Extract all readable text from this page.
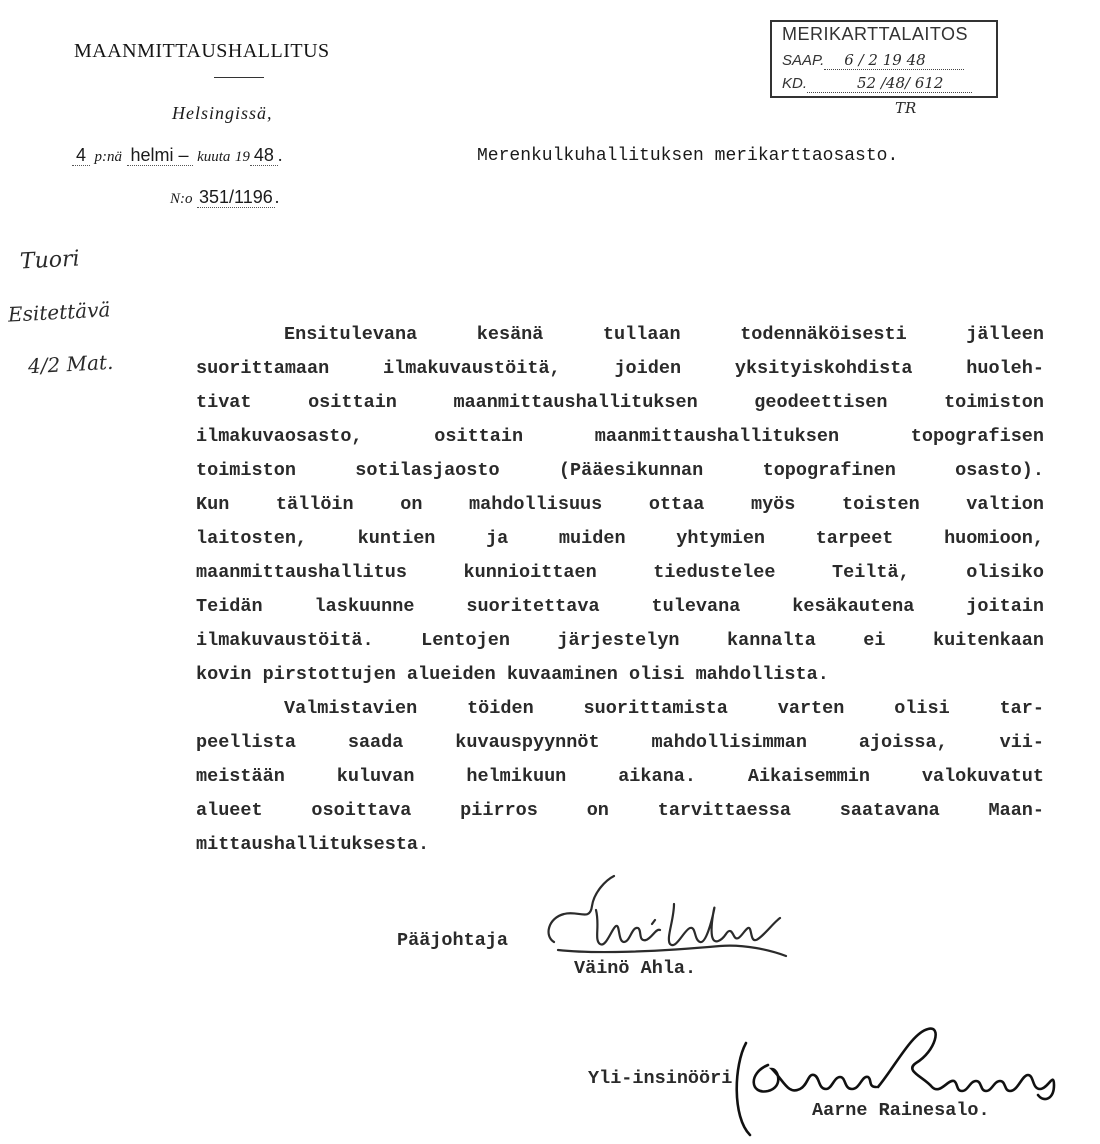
MAANMITTAUSHALLITUS
Helsingissä,
4 p:nä helmi – kuuta 19 48 .	Merenkulkuhallituksen merikarttaosasto.
N:o 351/1196 .
MERIKARTTALAITOS
SAAP. 6 / 2 19 48
KD.	52 /48/ 612
TR
Tuori
Esitettävä
4/2 Mat.
Ensitulevana kesänä tullaan todennäköisesti jälleen
suorittamaan ilmakuvaustöitä, joiden yksityiskohdista huoleh-
tivat osittain maanmittaushallituksen geodeettisen toimiston
ilmakuvaosasto, osittain maanmittaushallituksen topografisen
toimiston sotilasjaosto (Pääesikunnan topografinen osasto).
Kun tällöin on mahdollisuus ottaa myös toisten valtion
laitosten, kuntien ja muiden yhtymien tarpeet huomioon,
maanmittaushallitus kunnioittaen tiedustelee Teiltä, olisiko
Teidän laskuunne suoritettava tulevana kesäkautena joitain
ilmakuvaustöitä. Lentojen järjestelyn kannalta ei kuitenkaan
kovin pirstottujen alueiden kuvaaminen olisi mahdollista.
Valmistavien töiden suorittamista varten olisi tar-
peellista saada kuvauspyynnöt mahdollisimman ajoissa, vii-
meistään kuluvan helmikuun aikana. Aikaisemmin valokuvatut
alueet osoittava piirros on tarvittaessa saatavana Maan-
mittaushallituksesta.
Pääjohtaja
Väinö Ahla.
Yli-insinööri
Aarne Rainesalo.
